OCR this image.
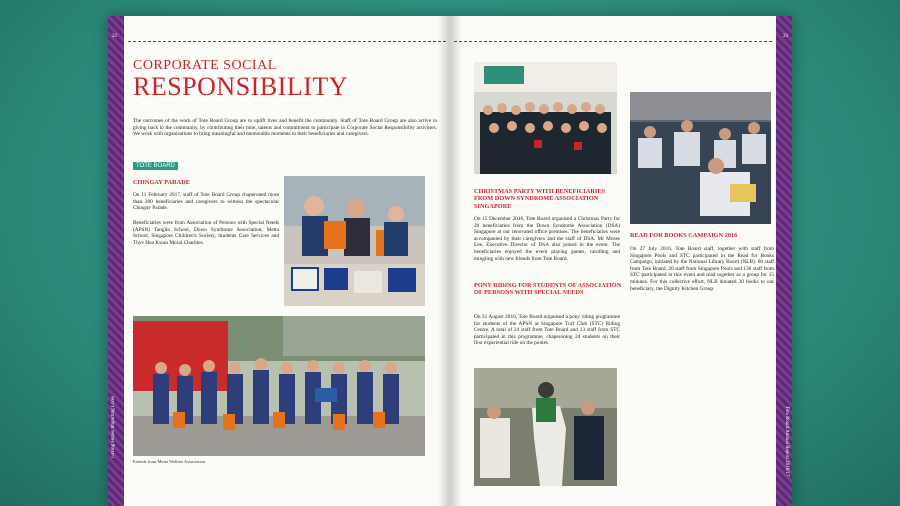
22
Giving Hopes Impacting Lives
CORPORATE SOCIAL
RESPONSIBILITY
The outcomes of the work of Tote Board Group are to uplift lives and benefit the community. Staff of Tote Board Group are also active in giving back to the community, by contributing their time, talents and commitment to participate in Corporate Social Responsibility activities. We work with organisations to bring meaningful and memorable moments to their beneficiaries and caregivers.
TOTE BOARD
CHINGAY PARADE
On 11 February 2017, staff of Tote Board Group chaperoned more than 200 beneficiaries and caregivers to witness the spectacular Chingay Parade.
Beneficiaries were from Association of Persons with Special Needs (APSN) Tanglin School, Down Syndrome Association, Metta School, Singapore Children's Society, Students Care Services and Thye Hua Kwan Moral Charities.
Friends from Metta Welfare Association
23
Tote Board Annual Report 2016/17
CHRISTMAS PARTY WITH BENEFICIARIES FROM DOWN SYNDROME ASSOCIATION SINGAPORE
On 15 December 2016, Tote Board organised a Christmas Party for 20 beneficiaries from the Down Syndrome Association (DSA) Singapore at our renovated office premises. The beneficiaries were accompanied by their caregivers and the staff of DSA. Mr Moses Lee, Executive Director of DSA also joined in the event. The beneficiaries enjoyed the event playing games, carolling and mingling with new friends from Tote Board.
PONY RIDING FOR STUDENTS OF ASSOCIATION OF PERSONS WITH SPECIAL NEEDS
On 31 August 2016, Tote Board organised a pony riding programme for students of the APSN at Singapore Turf Club (STC) Riding Centre. A total of 24 staff from Tote Board and 13 staff from STC participated in this programme, chaperoning 24 students on their first experiential ride on the ponies.
READ FOR BOOKS CAMPAIGN 2016
On 27 July 2016, Tote Board staff, together with staff from Singapore Pools and STC participated in the Read for Books Campaign, initiated by the National Library Board (NLB). 60 staff from Tote Board, 20 staff from Singapore Pools and 136 staff from STC participated in this event and read together as a group for 15 minutes. For this collective effort, NLB donated 20 books to our beneficiary, the Dignity Kitchen Group.
